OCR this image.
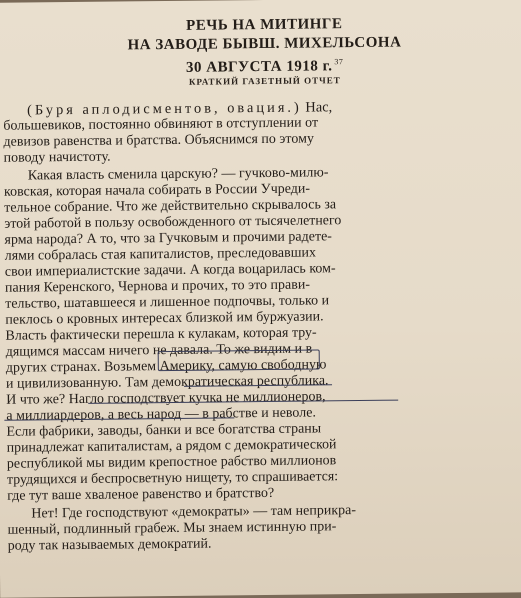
РЕЧЬ НА МИТИНГЕ
НА ЗАВОДЕ БЫВШ. МИХЕЛЬСОНА
30 АВГУСТА 1918 г. $^{37}$
КРАТКИЙ ГАЗЕТНЫЙ ОТЧЕТ
(Буря аплодисментов, овация.) Нас,
большевиков, постоянно обвиняют в отступлении от
девизов равенства и братства. Объяснимся по этому
поводу начистоту.
Какая власть сменила царскую? — гучково-милю-
ковская, которая начала собирать в России Учреди-
тельное собрание. Что же действительно скрывалось за
этой работой в пользу освобожденного от тысячелетнего
ярма народа? А то, что за Гучковым и прочими радете-
лями собралась стая капиталистов, преследовавших
свои империалистские задачи. А когда воцарилась ком-
пания Керенского, Чернова и прочих, то это прави-
тельство, шатавшееся и лишенное подпочвы, только и
пеклось о кровных интересах близкой им буржуазии.
Власть фактически перешла к кулакам, которая тру-
дящимся массам ничего не давала. То же видим и в
других странах. Возьмем Америку, самую свободную
и цивилизованную. Там демократическая республика.
И что же? Нагло господствует кучка не миллионеров,
а миллиардеров, а весь народ — в рабстве и неволе.
Если фабрики, заводы, банки и все богатства страны
принадлежат капиталистам, а рядом с демократической
республикой мы видим крепостное рабство миллионов
трудящихся и беспросветную нищету, то спрашивается:
где тут ваше хваленое равенство и братство?
Нет! Где господствуют «демократы» — там неприкра-
шенный, подлинный грабеж. Мы знаем истинную при-
роду так называемых демократий.
